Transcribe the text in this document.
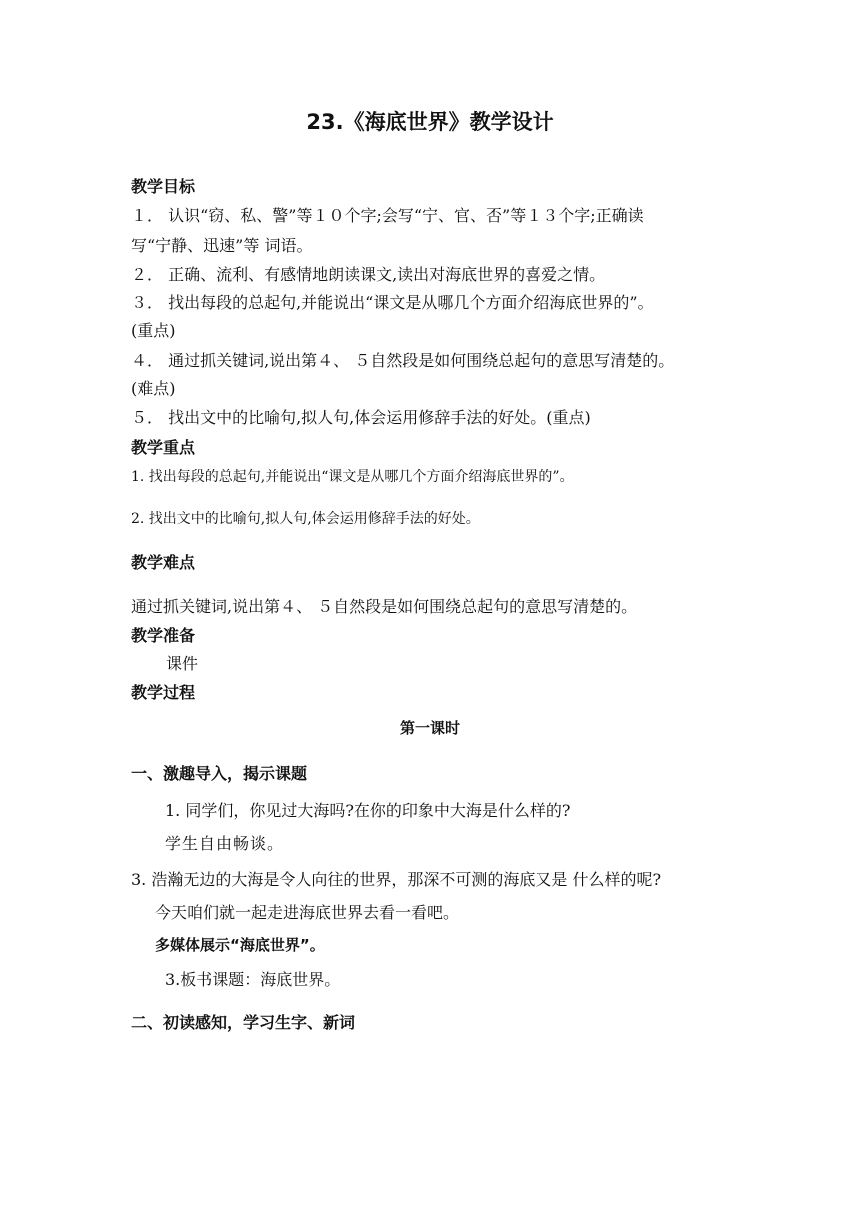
23.《海底世界》教学设计
教学目标
１． 认识“窃、私、警”等１０个字;会写“宁、官、否”等１３个字;正确读
写“宁静、迅速”等 词语。
２． 正确、流利、有感情地朗读课文,读出对海底世界的喜爱之情。
３． 找出每段的总起句,并能说出“课文是从哪几个方面介绍海底世界的”。
(重点)
４． 通过抓关键词,说出第４、 ５自然段是如何围绕总起句的意思写清楚的。
(难点)
５． 找出文中的比喻句,拟人句,体会运用修辞手法的好处。(重点)
教学重点
1. 找出每段的总起句,并能说出“课文是从哪几个方面介绍海底世界的”。
2. 找出文中的比喻句,拟人句,体会运用修辞手法的好处。
教学难点
通过抓关键词,说出第４、 ５自然段是如何围绕总起句的意思写清楚的。
教学准备
课件
教学过程
第一课时
一、激趣导入，揭示课题
1. 同学们，你见过大海吗?在你的印象中大海是什么样的?
学生自由畅谈。
3. 浩瀚无边的大海是令人向往的世界，那深不可测的海底又是 什么样的呢?
今天咱们就一起走进海底世界去看一看吧。
多媒体展示“海底世界”。
3.板书课题：海底世界。
二、初读感知，学习生字、新词
